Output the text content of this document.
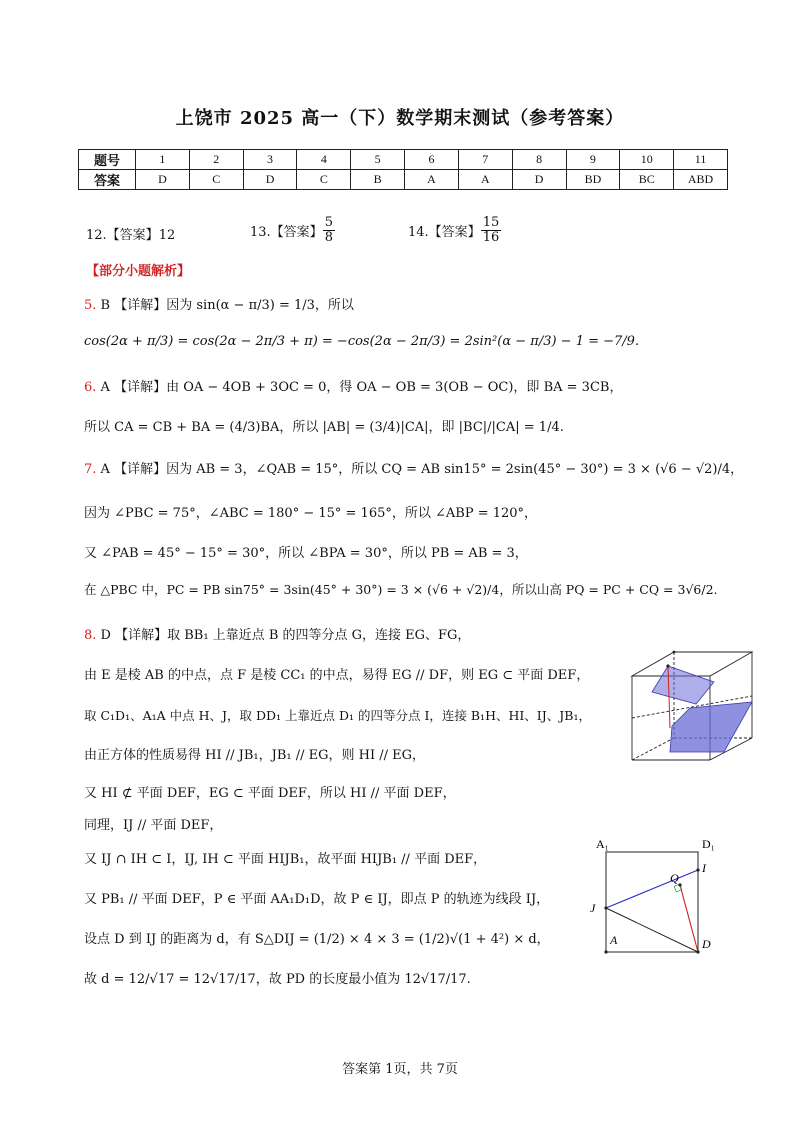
上饶市 2025 高一（下）数学期末测试（参考答案）
题号	1	2	3	4	5	6	7	8	9	10	11
答案	D	C	D	C	B	A	A	D	BD	BC	ABD
12.【答案】12	13.【答案】 $\frac{5}{8}$	14.【答案】 $\frac{15}{16}$
【部分小题解析】
5. B 【详解】因为 sin(α − π/3) = 1/3，所以
cos(2α + π/3) = cos(2α − 2π/3 + π) = −cos(2α − 2π/3) = 2sin²(α − π/3) − 1 = −7/9.
6. A 【详解】由 OA − 4OB + 3OC = 0，得 OA − OB = 3(OB − OC)，即 BA = 3CB，
所以 CA = CB + BA = (4/3)BA，所以 |AB| = (3/4)|CA|，即 |BC|/|CA| = 1/4.
7. A 【详解】因为 AB = 3，∠QAB = 15°，所以 CQ = AB sin15° = 2sin(45° − 30°) = 3 × (√6 − √2)/4，
因为 ∠PBC = 75°，∠ABC = 180° − 15° = 165°，所以 ∠ABP = 120°，
又 ∠PAB = 45° − 15° = 30°，所以 ∠BPA = 30°，所以 PB = AB = 3，
在 △PBC 中，PC = PB sin75° = 3sin(45° + 30°) = 3 × (√6 + √2)/4，所以山高 PQ = PC + CQ = 3√6/2.
8. D 【详解】取 BB₁ 上靠近点 B 的四等分点 G，连接 EG、FG，
由 E 是棱 AB 的中点，点 F 是棱 CC₁ 的中点，易得 EG // DF，则 EG ⊂ 平面 DEF，
取 C₁D₁、A₁A 中点 H、J，取 DD₁ 上靠近点 D₁ 的四等分点 I，连接 B₁H、HI、IJ、JB₁，
由正方体的性质易得 HI // JB₁，JB₁ // EG，则 HI // EG，
又 HI ⊄ 平面 DEF，EG ⊂ 平面 DEF，所以 HI // 平面 DEF，
同理，IJ // 平面 DEF，
又 IJ ∩ IH ⊂ I，IJ, IH ⊂ 平面 HIJB₁，故平面 HIJB₁ // 平面 DEF，
又 PB₁ // 平面 DEF，P ∈ 平面 AA₁D₁D，故 P ∈ IJ，即点 P 的轨迹为线段 IJ，
设点 D 到 IJ 的距离为 d，有 S△DIJ = (1/2) × 4 × 3 = (1/2)√(1 + 4²) × d，
故 d = 12/√17 = 12√17/17，故 PD 的长度最小值为 12√17/17.
A₁	D₁
A	D
I
J
Q
答案第 1页，共 7页
